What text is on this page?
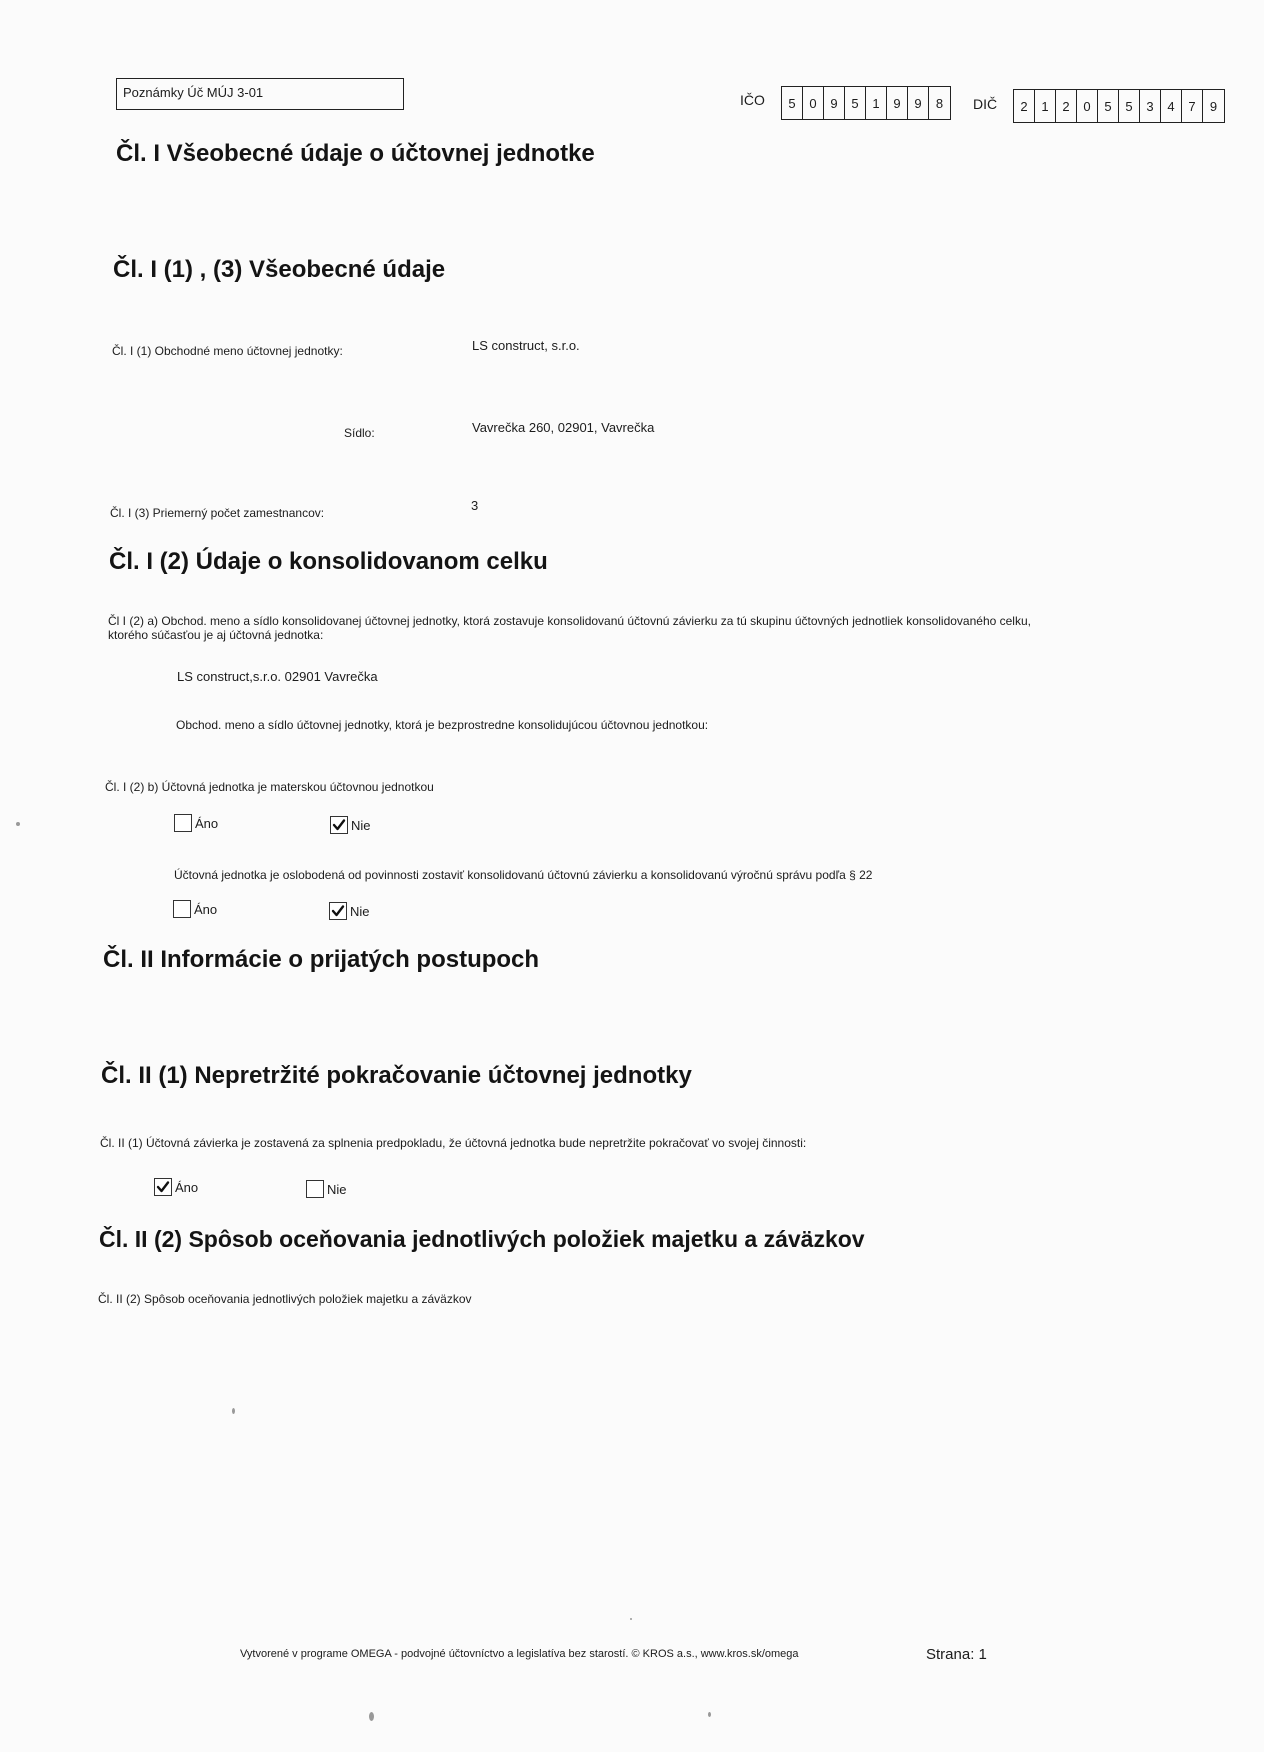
Poznámky Úč MÚJ 3-01	IČO	5	0	9	5	1	9	9	8	DIČ	2	1	2	0	5	5	3	4	7	9
Čl. I Všeobecné údaje o účtovnej jednotke
Čl. I (1) , (3) Všeobecné údaje
Čl. I (1) Obchodné meno účtovnej jednotky:	LS construct, s.r.o.
Sídlo:	Vavrečka 260, 02901, Vavrečka
Čl. I (3) Priemerný počet zamestnancov:	3
Čl. I (2) Údaje o konsolidovanom celku
Čl I (2) a) Obchod. meno a sídlo konsolidovanej účtovnej jednotky, ktorá zostavuje konsolidovanú účtovnú závierku za tú skupinu účtovných jednotliek konsolidovaného celku,
ktorého súčasťou je aj účtovná jednotka:
LS construct,s.r.o. 02901 Vavrečka
Obchod. meno a sídlo účtovnej jednotky, ktorá je bezprostredne konsolidujúcou účtovnou jednotkou:
Čl. I (2) b) Účtovná jednotka je materskou účtovnou jednotkou
Áno	Nie
Účtovná jednotka je oslobodená od povinnosti zostaviť konsolidovanú účtovnú závierku a konsolidovanú výročnú správu podľa § 22
Áno	Nie
Čl. II Informácie o prijatých postupoch
Čl. II (1) Nepretržité pokračovanie účtovnej jednotky
Čl. II (1) Účtovná závierka je zostavená za splnenia predpokladu, že účtovná jednotka bude nepretržite pokračovať vo svojej činnosti:
Áno	Nie
Čl. II (2) Spôsob oceňovania jednotlivých položiek majetku a záväzkov
Čl. II (2) Spôsob oceňovania jednotlivých položiek majetku a záväzkov
Vytvorené v programe OMEGA - podvojné účtovníctvo a legislatíva bez starostí. © KROS a.s., www.kros.sk/omega	Strana: 1
